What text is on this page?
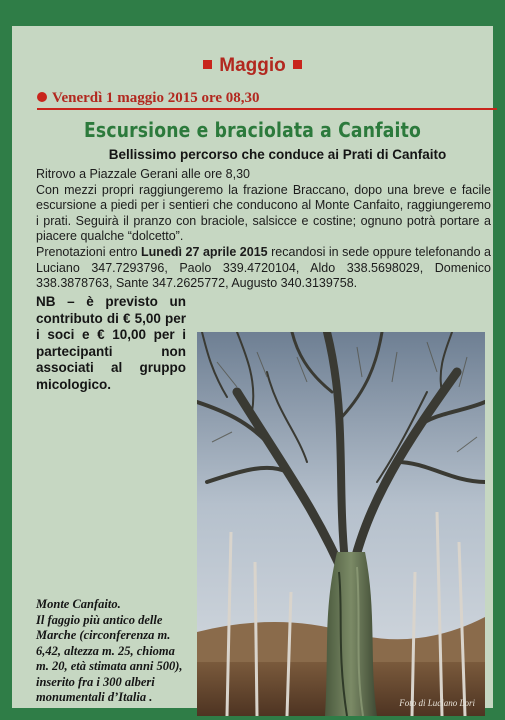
Maggio
Venerdì 1 maggio 2015 ore 08,30
Escursione e braciolata a Canfaito
Bellissimo percorso che conduce ai Prati di Canfaito

Ritrovo a Piazzale Gerani alle ore 8,30

Con mezzi propri raggiungeremo la frazione Braccano, dopo una breve e facile escursione a piedi per i sentieri che conducono al Monte Canfaito, raggiungeremo i prati. Seguirà il pranzo con braciole, salsicce e costine; ognuno potrà portare a piacere qualche “dolcetto”.

Prenotazioni entro Lunedì 27 aprile 2015 recandosi in sede oppure telefonando a Luciano 347.7293796, Paolo 339.4720104, Aldo 338.5698029, Domenico 338.3878763, Sante 347.2625772, Augusto 340.3139758.

NB – è previsto un contributo di € 5,00 per i soci e € 10,00 per i partecipanti non associati al gruppo micologico.
Foto di Luciano Lori
Monte Canfaito.
Il faggio più antico delle Marche (circonferenza m. 6,42, altezza m. 25, chioma m. 20, età stimata anni 500), inserito fra i 300 alberi monumentali d’Italia .
